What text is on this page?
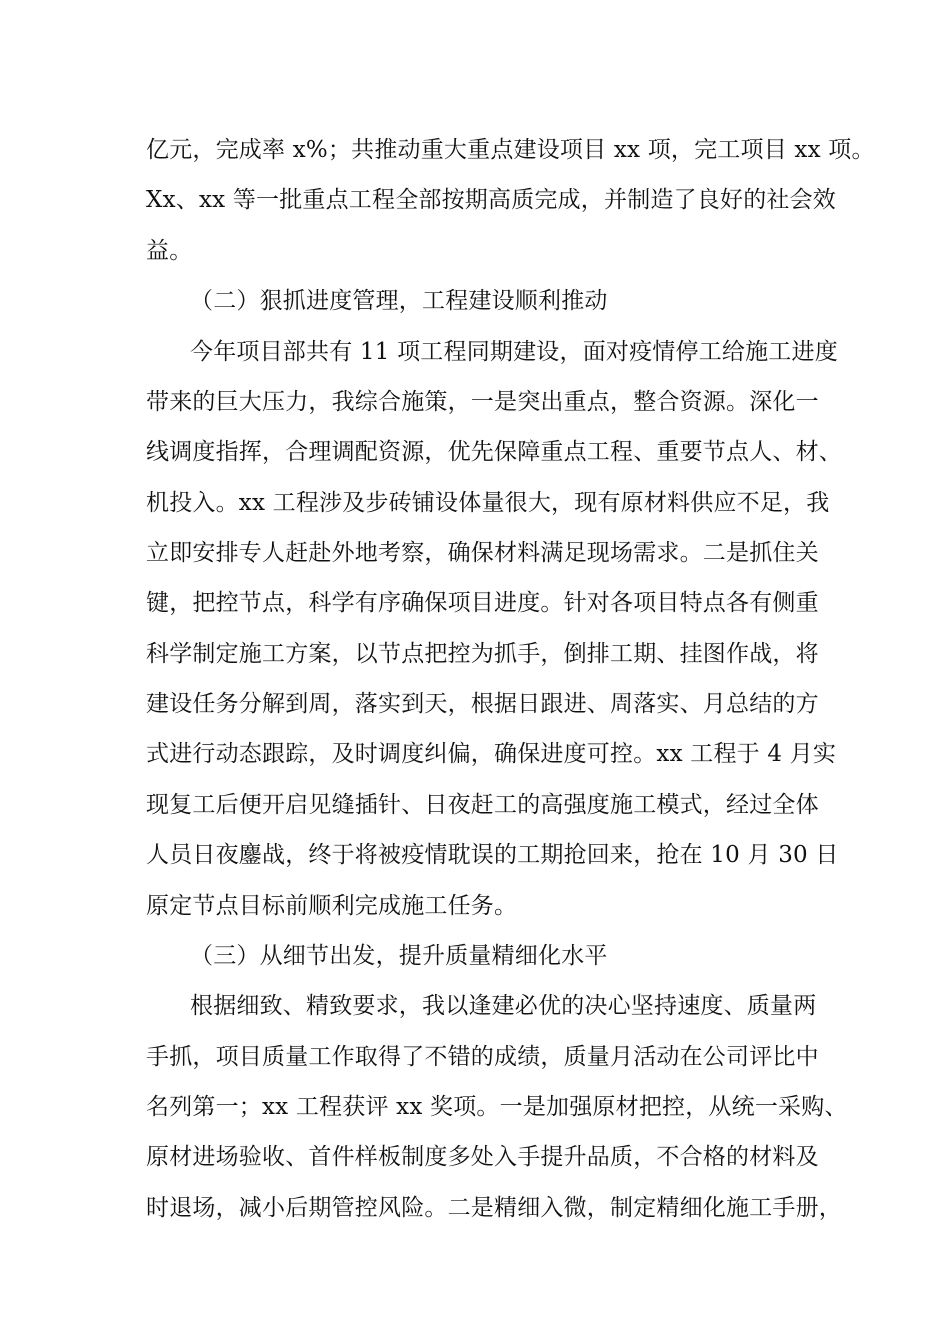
亿元，完成率 x%；共推动重大重点建设项目 xx 项，完工项目 xx 项。
Xx、xx 等一批重点工程全部按期高质完成，并制造了良好的社会效
益。
（二）狠抓进度管理，工程建设顺利推动
今年项目部共有 11 项工程同期建设，面对疫情停工给施工进度
带来的巨大压力，我综合施策，一是突出重点，整合资源。深化一
线调度指挥，合理调配资源，优先保障重点工程、重要节点人、材、
机投入。xx 工程涉及步砖铺设体量很大，现有原材料供应不足，我
立即安排专人赶赴外地考察，确保材料满足现场需求。二是抓住关
键，把控节点，科学有序确保项目进度。针对各项目特点各有侧重
科学制定施工方案，以节点把控为抓手，倒排工期、挂图作战，将
建设任务分解到周，落实到天，根据日跟进、周落实、月总结的方
式进行动态跟踪，及时调度纠偏，确保进度可控。xx 工程于 4 月实
现复工后便开启见缝插针、日夜赶工的高强度施工模式，经过全体
人员日夜鏖战，终于将被疫情耽误的工期抢回来，抢在 10 月 30 日
原定节点目标前顺利完成施工任务。
（三）从细节出发，提升质量精细化水平
根据细致、精致要求，我以逢建必优的决心坚持速度、质量两
手抓，项目质量工作取得了不错的成绩，质量月活动在公司评比中
名列第一；xx 工程获评 xx 奖项。一是加强原材把控，从统一采购、
原材进场验收、首件样板制度多处入手提升品质，不合格的材料及
时退场，减小后期管控风险。二是精细入微，制定精细化施工手册，
